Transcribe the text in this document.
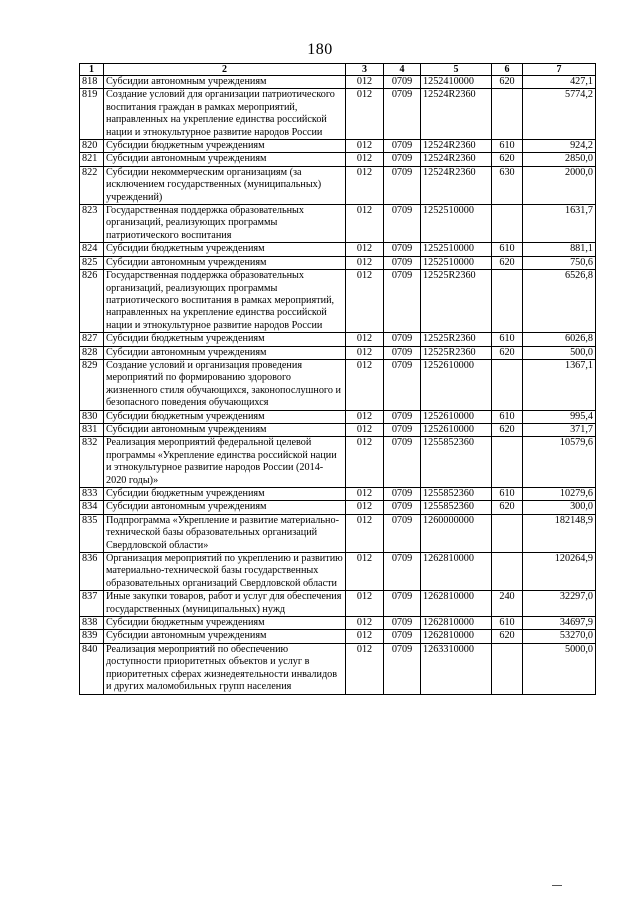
180
1	2	3	4	5	6	7
818	Субсидии автономным учреждениям	012	0709	1252410000	620	427,1
819	Создание условий для организации патриотического воспитания граждан в рамках мероприятий, направленных на укрепление единства российской нации и этнокультурное развитие народов России	012	0709	12524R2360		5774,2
820	Субсидии бюджетным учреждениям	012	0709	12524R2360	610	924,2
821	Субсидии автономным учреждениям	012	0709	12524R2360	620	2850,0
822	Субсидии некоммерческим организациям (за исключением государственных (муниципальных) учреждений)	012	0709	12524R2360	630	2000,0
823	Государственная поддержка образовательных организаций, реализующих программы патриотического воспитания	012	0709	1252510000		1631,7
824	Субсидии бюджетным учреждениям	012	0709	1252510000	610	881,1
825	Субсидии автономным учреждениям	012	0709	1252510000	620	750,6
826	Государственная поддержка образовательных организаций, реализующих программы патриотического воспитания в рамках мероприятий, направленных на укрепление единства российской нации и этнокультурное развитие народов России	012	0709	12525R2360		6526,8
827	Субсидии бюджетным учреждениям	012	0709	12525R2360	610	6026,8
828	Субсидии автономным учреждениям	012	0709	12525R2360	620	500,0
829	Создание условий и организация проведения мероприятий по формированию здорового жизненного стиля обучающихся, законопослушного и безопасного поведения обучающихся	012	0709	1252610000		1367,1
830	Субсидии бюджетным учреждениям	012	0709	1252610000	610	995,4
831	Субсидии автономным учреждениям	012	0709	1252610000	620	371,7
832	Реализация мероприятий федеральной целевой программы «Укрепление единства российской нации и этнокультурное развитие народов России (2014-2020 годы)»	012	0709	1255852360		10579,6
833	Субсидии бюджетным учреждениям	012	0709	1255852360	610	10279,6
834	Субсидии автономным учреждениям	012	0709	1255852360	620	300,0
835	Подпрограмма «Укрепление и развитие материально-технической базы образовательных организаций Свердловской области»	012	0709	1260000000		182148,9
836	Организация мероприятий по укреплению и развитию материально-технической базы государственных образовательных организаций Свердловской области	012	0709	1262810000		120264,9
837	Иные закупки товаров, работ и услуг для обеспечения государственных (муниципальных) нужд	012	0709	1262810000	240	32297,0
838	Субсидии бюджетным учреждениям	012	0709	1262810000	610	34697,9
839	Субсидии автономным учреждениям	012	0709	1262810000	620	53270,0
840	Реализация мероприятий по обеспечению доступности приоритетных объектов и услуг в приоритетных сферах жизнедеятельности инвалидов и других маломобильных групп населения	012	0709	1263310000		5000,0
